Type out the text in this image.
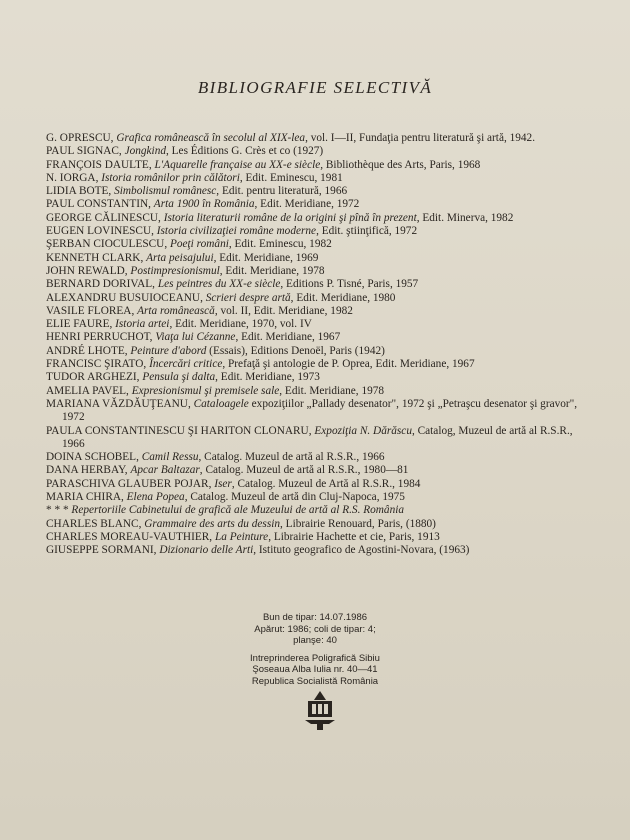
BIBLIOGRAFIE SELECTIVĂ
G. OPRESCU, Grafica românească în secolul al XIX-lea, vol. I—II, Fundaţia pentru literatură şi artă, 1942.
PAUL SIGNAC, Jongkind, Les Éditions G. Crès et co (1927)
FRANÇOIS DAULTE, L'Aquarelle française au XX-e siècle, Bibliothèque des Arts, Paris, 1968
N. IORGA, Istoria românilor prin călători, Edit. Eminescu, 1981
LIDIA BOTE, Simbolismul românesc, Edit. pentru literatură, 1966
PAUL CONSTANTIN, Arta 1900 în România, Edit. Meridiane, 1972
GEORGE CĂLINESCU, Istoria literaturii române de la origini şi pînă în prezent, Edit. Minerva, 1982
EUGEN LOVINESCU, Istoria civilizaţiei române moderne, Edit. ştiinţifică, 1972
ŞERBAN CIOCULESCU, Poeţi români, Edit. Eminescu, 1982
KENNETH CLARK, Arta peisajului, Edit. Meridiane, 1969
JOHN REWALD, Postimpresionismul, Edit. Meridiane, 1978
BERNARD DORIVAL, Les peintres du XX-e siècle, Editions P. Tisné, Paris, 1957
ALEXANDRU BUSUIOCEANU, Scrieri despre artă, Edit. Meridiane, 1980
VASILE FLOREA, Arta românească, vol. II, Edit. Meridiane, 1982
ELIE FAURE, Istoria artei, Edit. Meridiane, 1970, vol. IV
HENRI PERRUCHOT, Viaţa lui Cézanne, Edit. Meridiane, 1967
ANDRÉ LHOTE, Peinture d'abord (Essais), Editions Denoël, Paris (1942)
FRANCISC ŞIRATO, Încercări critice, Prefaţă şi antologie de P. Oprea, Edit. Meridiane, 1967
TUDOR ARGHEZI, Pensula şi dalta, Edit. Meridiane, 1973
AMELIA PAVEL, Expresionismul şi premisele sale, Edit. Meridiane, 1978
MARIANA VĂZDĂUŢEANU, Cataloagele expoziţiilor „Pallady desenator", 1972 şi „Petraşcu desenator şi gravor", 1972
PAULA CONSTANTINESCU ŞI HARITON CLONARU, Expoziţia N. Dărăscu, Catalog, Muzeul de artă al R.S.R., 1966
DOINA SCHOBEL, Camil Ressu, Catalog. Muzeul de artă al R.S.R., 1966
DANA HERBAY, Apcar Baltazar, Catalog. Muzeul de artă al R.S.R., 1980—81
PARASCHIVA GLAUBER POJAR, Iser, Catalog. Muzeul de Artă al R.S.R., 1984
MARIA CHIRA, Elena Popea, Catalog. Muzeul de artă din Cluj-Napoca, 1975
* * * Repertoriile Cabinetului de grafică ale Muzeului de artă al R.S. România
CHARLES BLANC, Grammaire des arts du dessin, Librairie Renouard, Paris, (1880)
CHARLES MOREAU-VAUTHIER, La Peinture, Librairie Hachette et cie, Paris, 1913
GIUSEPPE SORMANI, Dizionario delle Arti, Istituto geografico de Agostini-Novara, (1963)
Bun de tipar: 14.07.1986
Apărut: 1986; coli de tipar: 4;
planşe: 40
Intreprinderea Poligrafică Sibiu
Şoseaua Alba Iulia nr. 40—41
Republica Socialistă România
